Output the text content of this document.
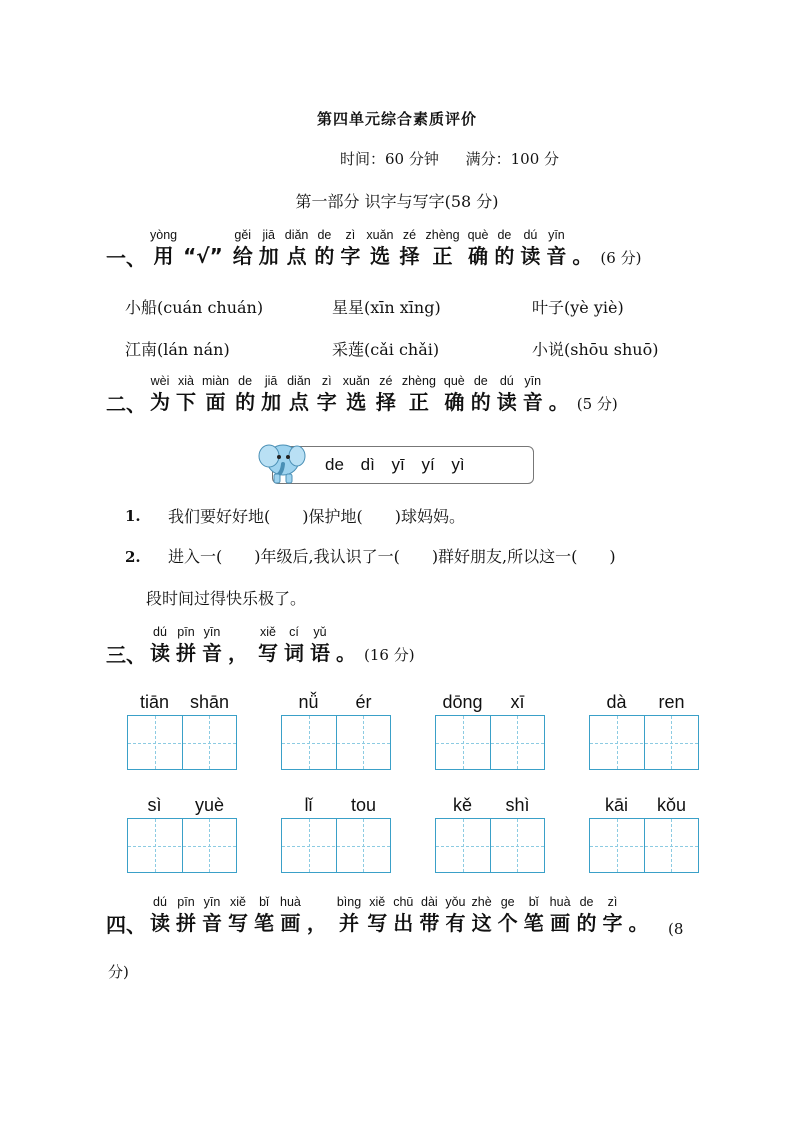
第四单元综合素质评价
时间：60 分钟 满分：100 分
第一部分 识字与写字(58 分)
一、
yòng
用 “√”
gěi
给
jiā
加
diǎn
点
de
的
zì
字
xuǎn
选
zé
择
zhèng
正
què
确
de
的
dú
读
yīn
音 。 (6 分)
小船(cuán chuán)	星星(xīn xīng)	叶子(yè yiè)
江南(lán nán)	采莲(cǎi chǎi)	小说(shōu shuō)
二、
wèi
为
xià
下
miàn
面
de
的
jiā
加
diǎn
点
zì
字
xuǎn
选
zé
择
zhèng
正
què
确
de
的
dú
读
yīn
音 。 (5 分)
de dì yī yí yì
1. 我们要好好地(　　)保护地(　　)球妈妈。
2. 进入一(　　)年级后,我认识了一(　　)群好朋友,所以这一(　　)
段时间过得快乐极了。
三、
dú
读
pīn
拼
yīn
音 ，
xiě
写
cí
词
yǔ
语 。 (16 分)
tiān	shān	nǚ	ér	dōng	xī	dà	ren
sì	yuè	lǐ	tou	kě	shì	kāi	kǒu
四、
dú
读
pīn
拼
yīn
音
xiě
写
bǐ
笔
huà
画 ，
bìng
并
xiě
写
chū
出
dài
带
yǒu
有
zhè
这
ge
个
bǐ
笔
huà
画
de
的
zì
字 。 (8
分)
